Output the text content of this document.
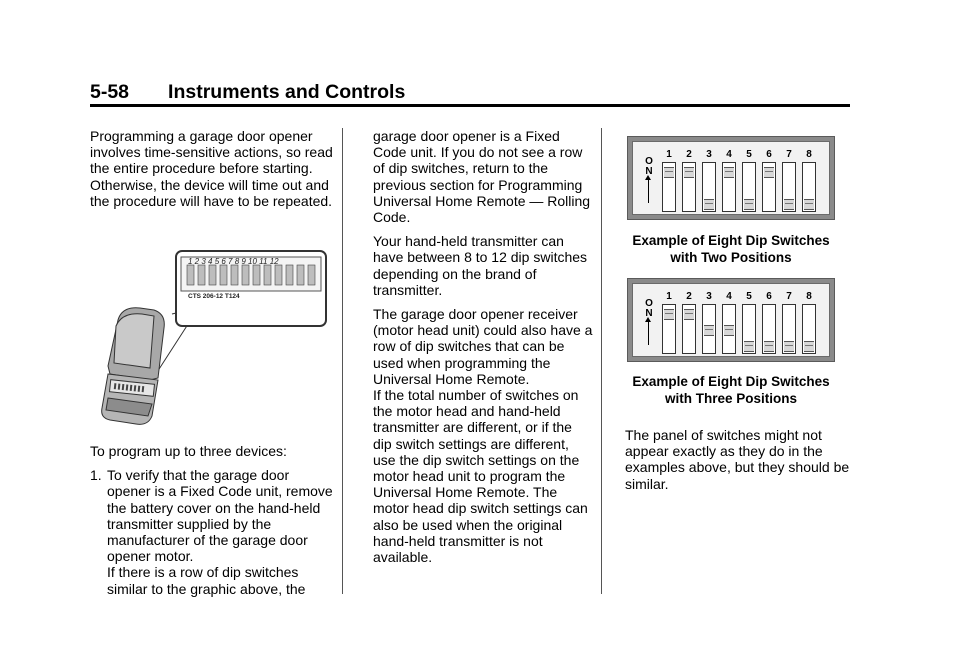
5-58  Instruments and Controls

Programming a garage door opener involves time-sensitive actions, so read the entire procedure before starting. Otherwise, the device will time out and the procedure will have to be repeated.

1 2 3 4 5 6 7 8 9 10 11 12
CTS 206-12 T124

To program up to three devices:

1. To verify that the garage door opener is a Fixed Code unit, remove the battery cover on the hand-held transmitter supplied by the manufacturer of the garage door opener motor.

If there is a row of dip switches similar to the graphic above, the

garage door opener is a Fixed Code unit. If you do not see a row of dip switches, return to the previous section for Programming Universal Home Remote — Rolling Code.

Your hand-held transmitter can have between 8 to 12 dip switches depending on the brand of transmitter.

The garage door opener receiver (motor head unit) could also have a row of dip switches that can be used when programming the Universal Home Remote.

If the total number of switches on the motor head and hand-held transmitter are different, or if the dip switch settings are different, use the dip switch settings on the motor head unit to program the Universal Home Remote. The motor head dip switch settings can also be used when the original hand-held transmitter is not available.

O
N
1	2	3	4	5	6	7	8
Example of Eight Dip Switches
with Two Positions
O
N
1	2	3	4	5	6	7	8
Example of Eight Dip Switches
with Three Positions

The panel of switches might not appear exactly as they do in the examples above, but they should be similar.
